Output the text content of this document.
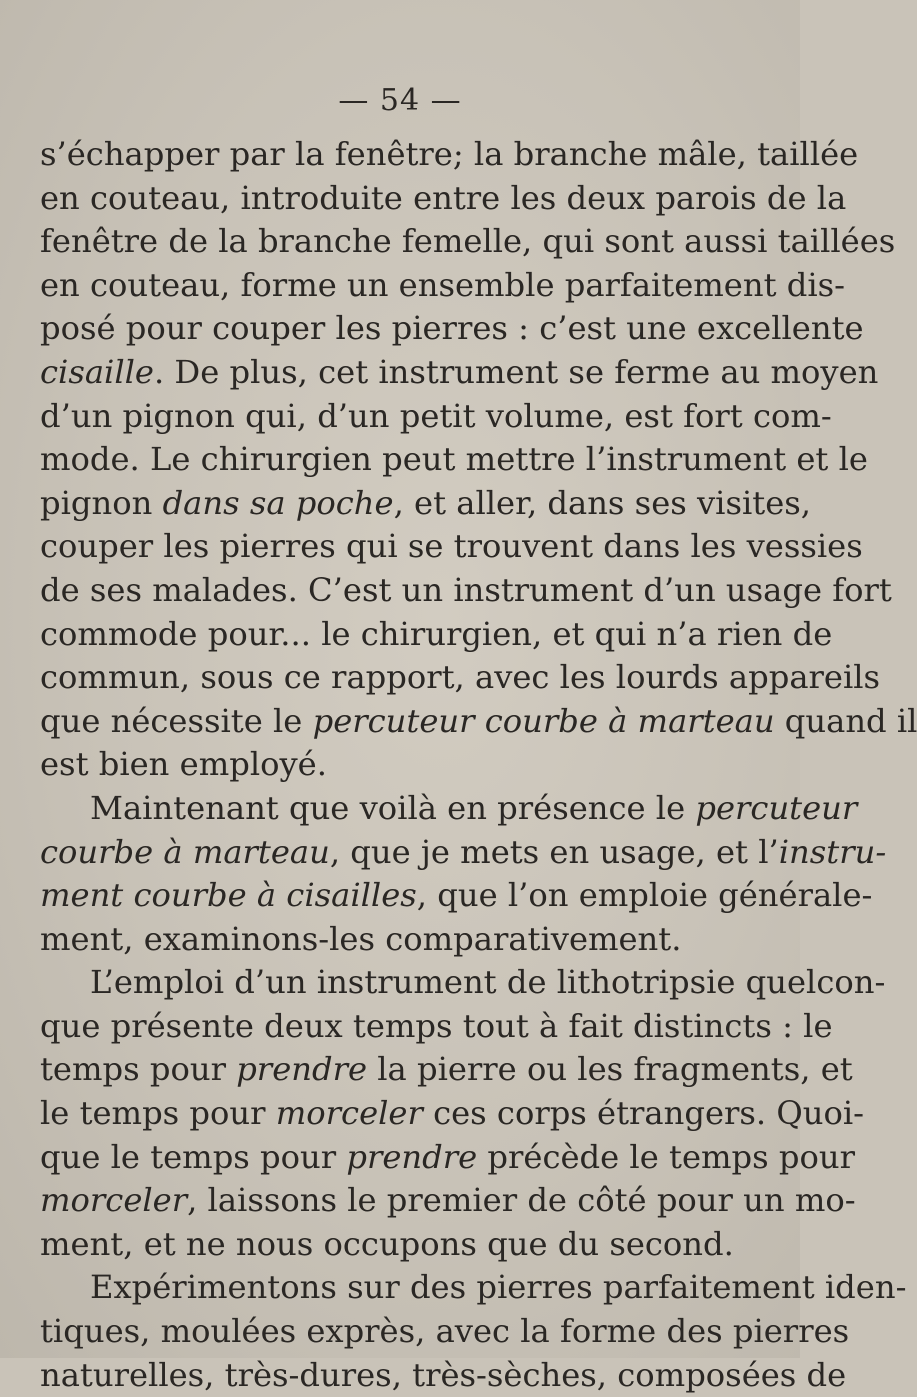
— 54 —
s’échapper par la fenêtre; la branche mâle, taillée
en couteau, introduite entre les deux parois de la
fenêtre de la branche femelle, qui sont aussi taillées
en couteau, forme un ensemble parfaitement dis-
posé pour couper les pierres : c’est une excellente
cisaille. De plus, cet instrument se ferme au moyen
d’un pignon qui, d’un petit volume, est fort com-
mode. Le chirurgien peut mettre l’instrument et le
pignon dans sa poche, et aller, dans ses visites,
couper les pierres qui se trouvent dans les vessies
de ses malades. C’est un instrument d’un usage fort
commode pour... le chirurgien, et qui n’a rien de
commun, sous ce rapport, avec les lourds appareils
que nécessite le percuteur courbe à marteau quand il
est bien employé.
Maintenant que voilà en présence le percuteur
courbe à marteau, que je mets en usage, et l’instru-
ment courbe à cisailles, que l’on emploie générale-
ment, examinons-les comparativement.
L’emploi d’un instrument de lithotripsie quelcon-
que présente deux temps tout à fait distincts : le
temps pour prendre la pierre ou les fragments, et
le temps pour morceler ces corps étrangers. Quoi-
que le temps pour prendre précède le temps pour
morceler, laissons le premier de côté pour un mo-
ment, et ne nous occupons que du second.
Expérimentons sur des pierres parfaitement iden-
tiques, moulées exprès, avec la forme des pierres
naturelles, très-dures, très-sèches, composées de
